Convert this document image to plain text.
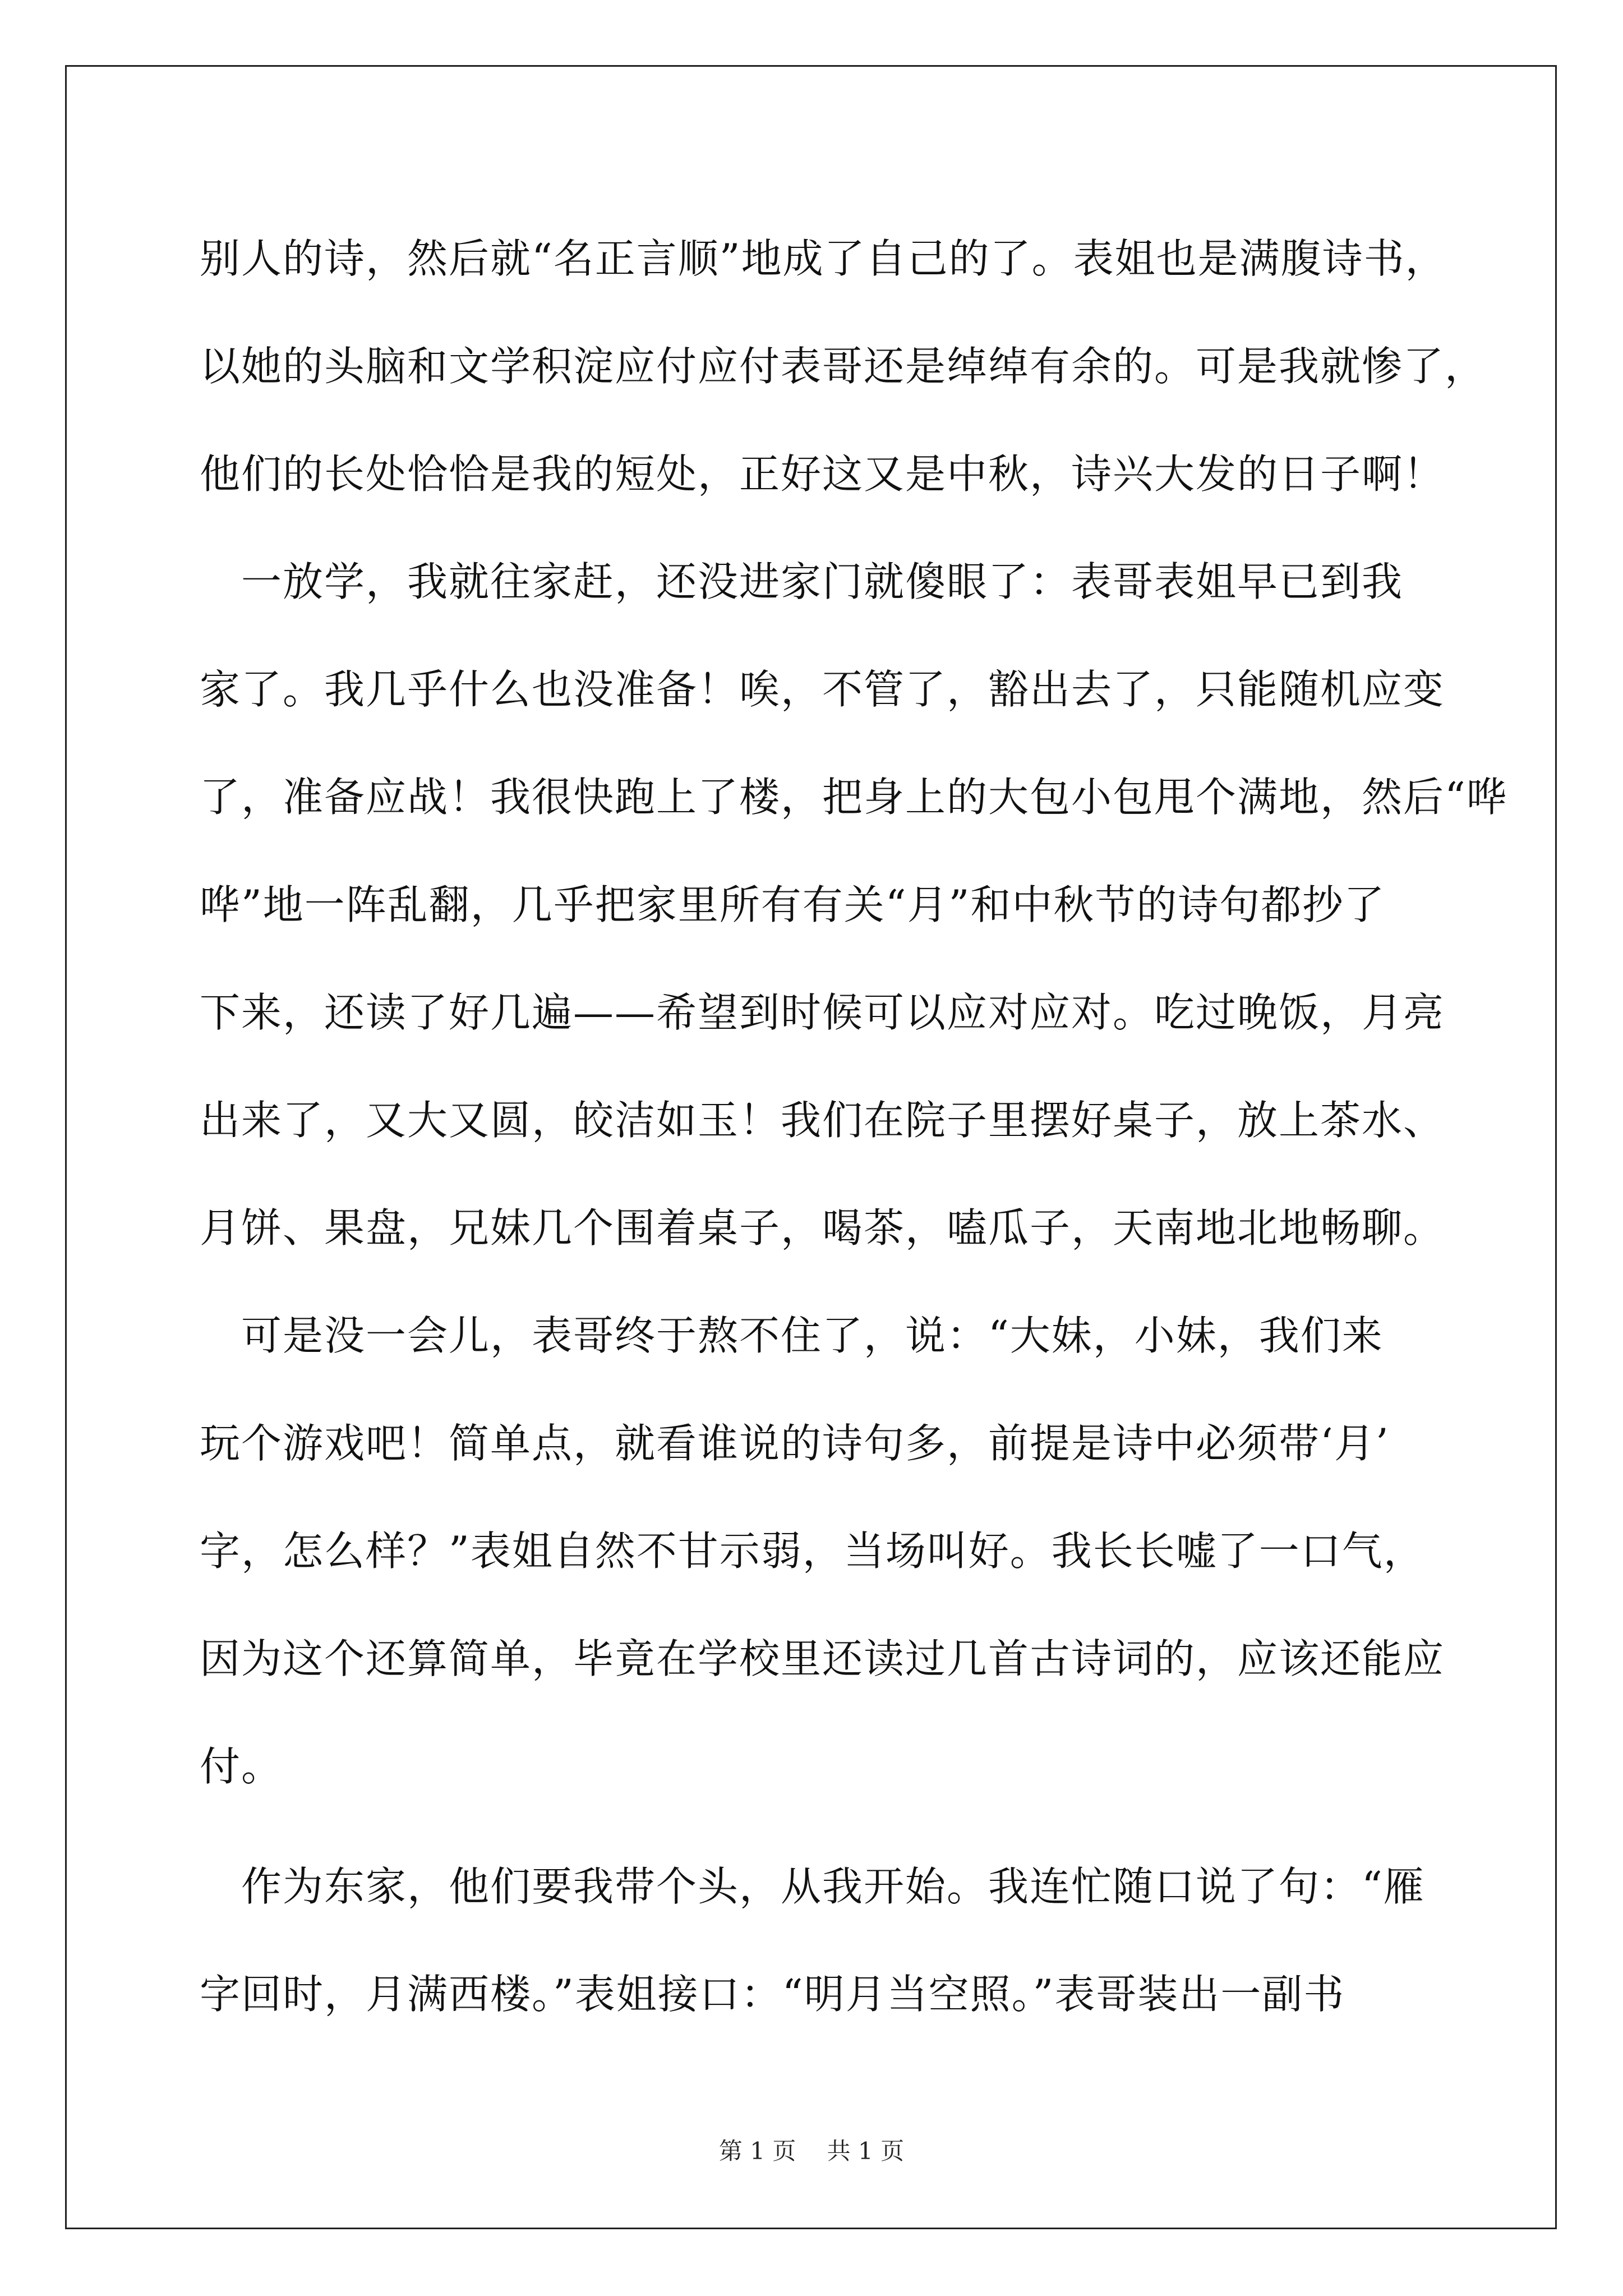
别人的诗，然后就“名正言顺”地成了自己的了。表姐也是满腹诗书，
以她的头脑和文学积淀应付应付表哥还是绰绰有余的。可是我就惨了，
他们的长处恰恰是我的短处，正好这又是中秋，诗兴大发的日子啊！
　一放学，我就往家赶，还没进家门就傻眼了：表哥表姐早已到我
家了。我几乎什么也没准备！唉，不管了，豁出去了，只能随机应变
了，准备应战！我很快跑上了楼，把身上的大包小包甩个满地，然后“哗
哗”地一阵乱翻，几乎把家里所有有关“月”和中秋节的诗句都抄了
下来，还读了好几遍——希望到时候可以应对应对。吃过晚饭，月亮
出来了，又大又圆，皎洁如玉！我们在院子里摆好桌子，放上茶水、
月饼、果盘，兄妹几个围着桌子，喝茶，嗑瓜子，天南地北地畅聊。
　可是没一会儿，表哥终于熬不住了，说：“大妹，小妹，我们来
玩个游戏吧！简单点，就看谁说的诗句多，前提是诗中必须带‘月’
字，怎么样？”表姐自然不甘示弱，当场叫好。我长长嘘了一口气，
因为这个还算简单，毕竟在学校里还读过几首古诗词的，应该还能应
付。
　作为东家，他们要我带个头，从我开始。我连忙随口说了句：“雁
字回时，月满西楼。”表姐接口：“明月当空照。”表哥装出一副书
第 1 页　 共 1 页
